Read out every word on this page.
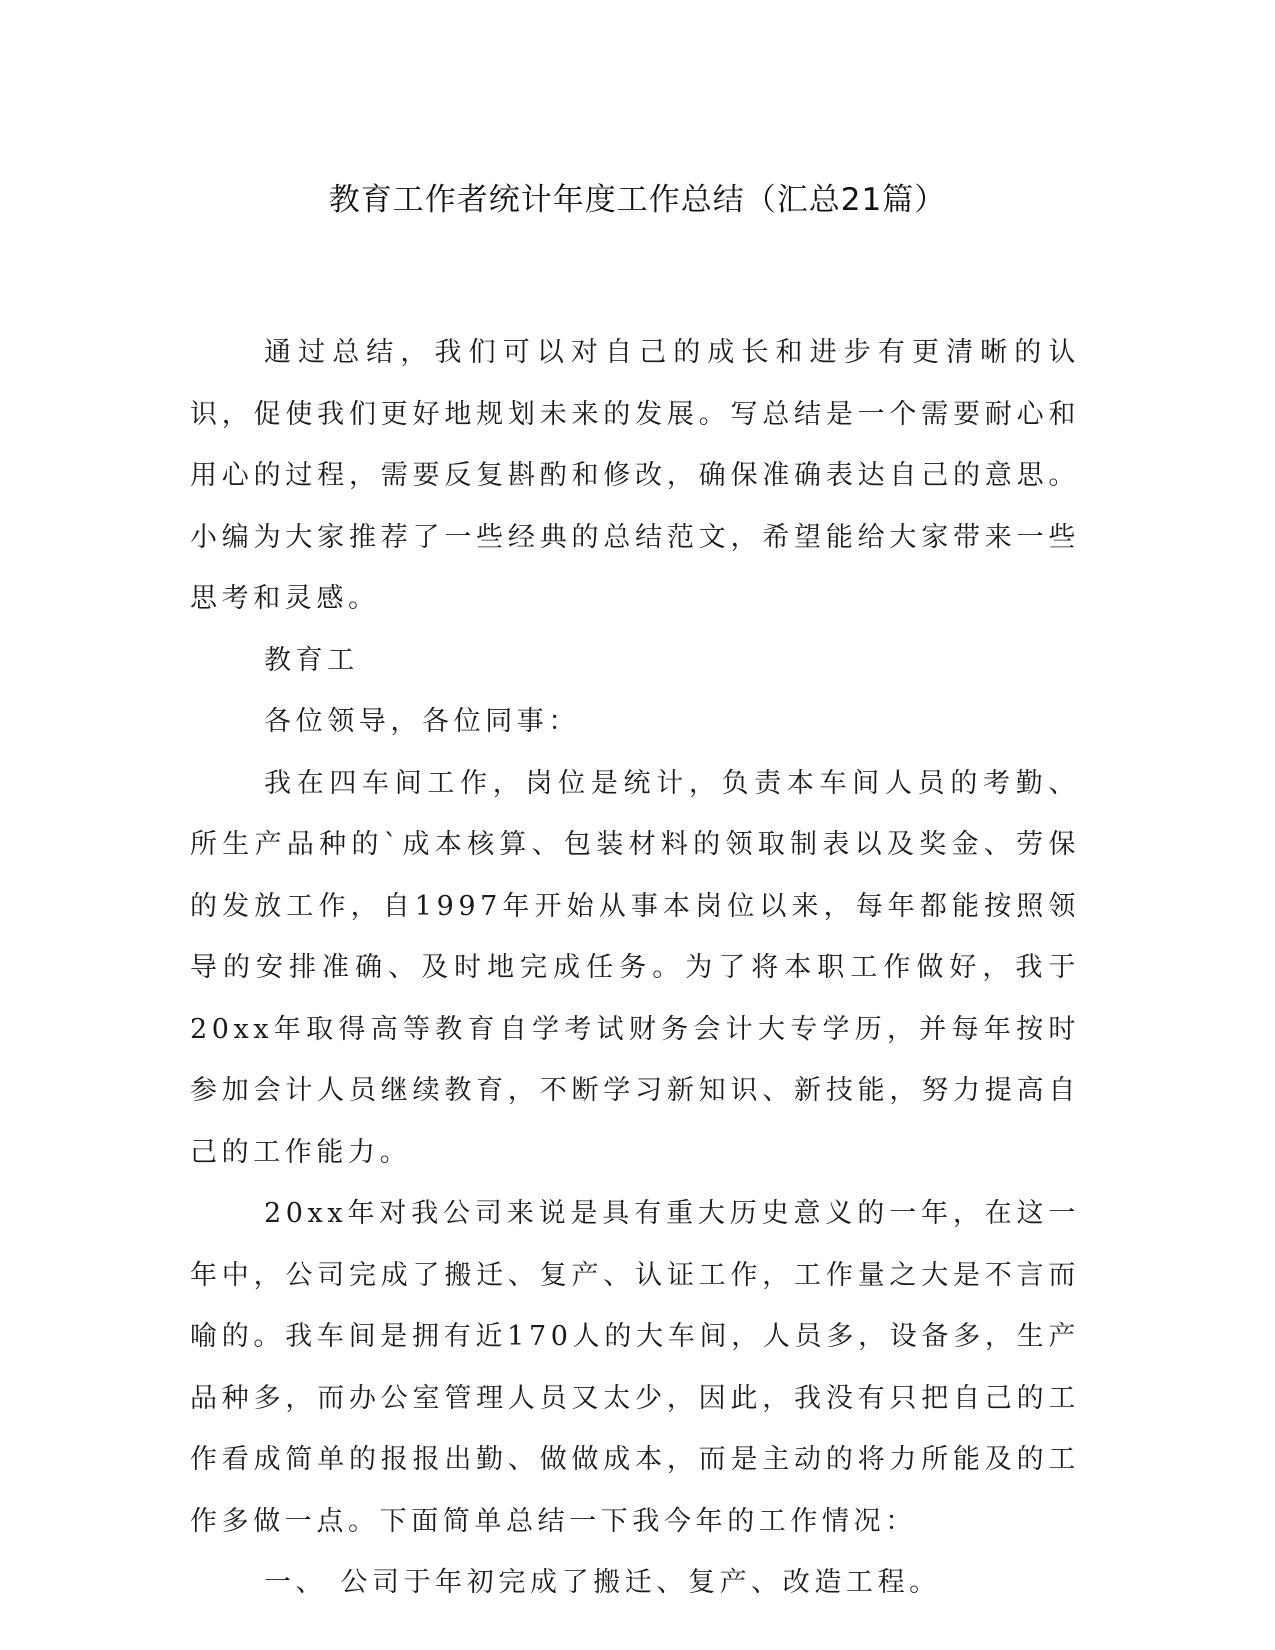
教育工作者统计年度工作总结（汇总21篇）

通过总结，我们可以对自己的成长和进步有更清晰的认识，促使我们更好地规划未来的发展。写总结是一个需要耐心和用心的过程，需要反复斟酌和修改，确保准确表达自己的意思。小编为大家推荐了一些经典的总结范文，希望能给大家带来一些思考和灵感。

教育工

各位领导，各位同事：

我在四车间工作，岗位是统计，负责本车间人员的考勤、所生产品种的`成本核算、包装材料的领取制表以及奖金、劳保的发放工作，自1997年开始从事本岗位以来，每年都能按照领导的安排准确、及时地完成任务。为了将本职工作做好，我于20xx年取得高等教育自学考试财务会计大专学历，并每年按时参加会计人员继续教育，不断学习新知识、新技能，努力提高自己的工作能力。

20xx年对我公司来说是具有重大历史意义的一年，在这一年中，公司完成了搬迁、复产、认证工作，工作量之大是不言而喻的。我车间是拥有近170人的大车间，人员多，设备多，生产品种多，而办公室管理人员又太少，因此，我没有只把自己的工作看成简单的报报出勤、做做成本，而是主动的将力所能及的工作多做一点。下面简单总结一下我今年的工作情况：

一、 公司于年初完成了搬迁、复产、改造工程。
